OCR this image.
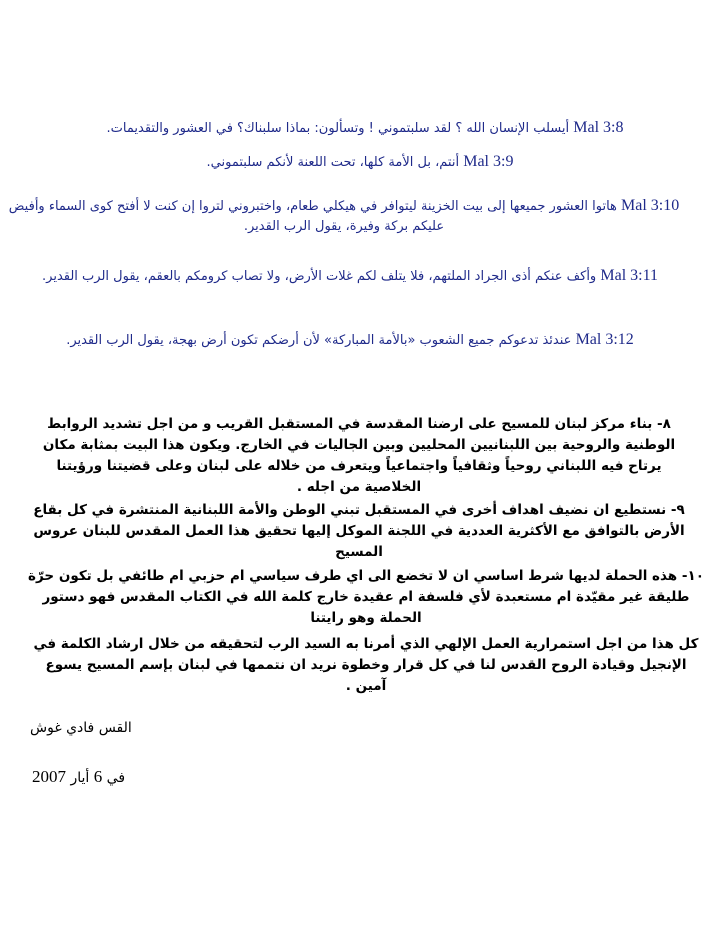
Mal 3:8 أيسلب الإنسان الله ؟ لقد سلبتموني ! وتسألون: بماذا سلبناك؟ في العشور والتقديمات.
Mal 3:9 أنتم، بل الأمة كلها، تحت اللعنة لأنكم سلبتموني.
Mal 3:10 هاتوا العشور جميعها إلى بيت الخزينة ليتوافر في هيكلي طعام، واختبروني لتروا إن كنت لا أفتح كوى السماء وأفيض عليكم بركة وفيرة، يقول الرب القدير.
Mal 3:11 وأكف عنكم أذى الجراد الملتهم، فلا يتلف لكم غلات الأرض، ولا تصاب كرومكم بالعقم، يقول الرب القدير.
Mal 3:12 عندئذ تدعوكم جميع الشعوب «بالأمة المباركة» لأن أرضكم تكون أرض بهجة، يقول الرب القدير.
٨- بناء مركز لبنان للمسيح على ارضنا المقدسة في المستقبل القريب و من اجل تشديد الروابط الوطنية والروحية بين اللبنانيين المحليين وبين الجاليات في الخارج. ويكون هذا البيت بمثابة مكان يرتاح فيه اللبناني روحياً وثقافياً واجتماعياً ويتعرف من خلاله على لبنان وعلى قضيتنا ورؤيتنا الخلاصية من اجله .
٩- نستطيع ان نضيف اهداف أخرى في المستقبل تبني الوطن والأمة اللبنانية المنتشرة في كل بقاع الأرض بالتوافق مع الأكثرية العددية في اللجنة الموكل إليها تحقيق هذا العمل المقدس للبنان عروس المسيح
١٠- هذه الحملة لديها شرط اساسي ان لا تخضع الى اي طرف سياسي ام حزبي ام طائفي بل تكون حرّة طليقة غير مقيّدة ام مستعبدة لأي فلسفة ام عقيدة خارج كلمة الله في الكتاب المقدس فهو دستور الحملة وهو رايتنا
كل هذا من اجل استمرارية العمل الإلهي الذي أمرنا به السيد الرب لتحقيقه من خلال ارشاد الكلمة في الإنجيل وقيادة الروح القدس لنا في كل قرار وخطوة نريد ان نتممها في لبنان بإسم المسيح يسوع آمين .
القس فادي غوش
في 6 أيار 2007
